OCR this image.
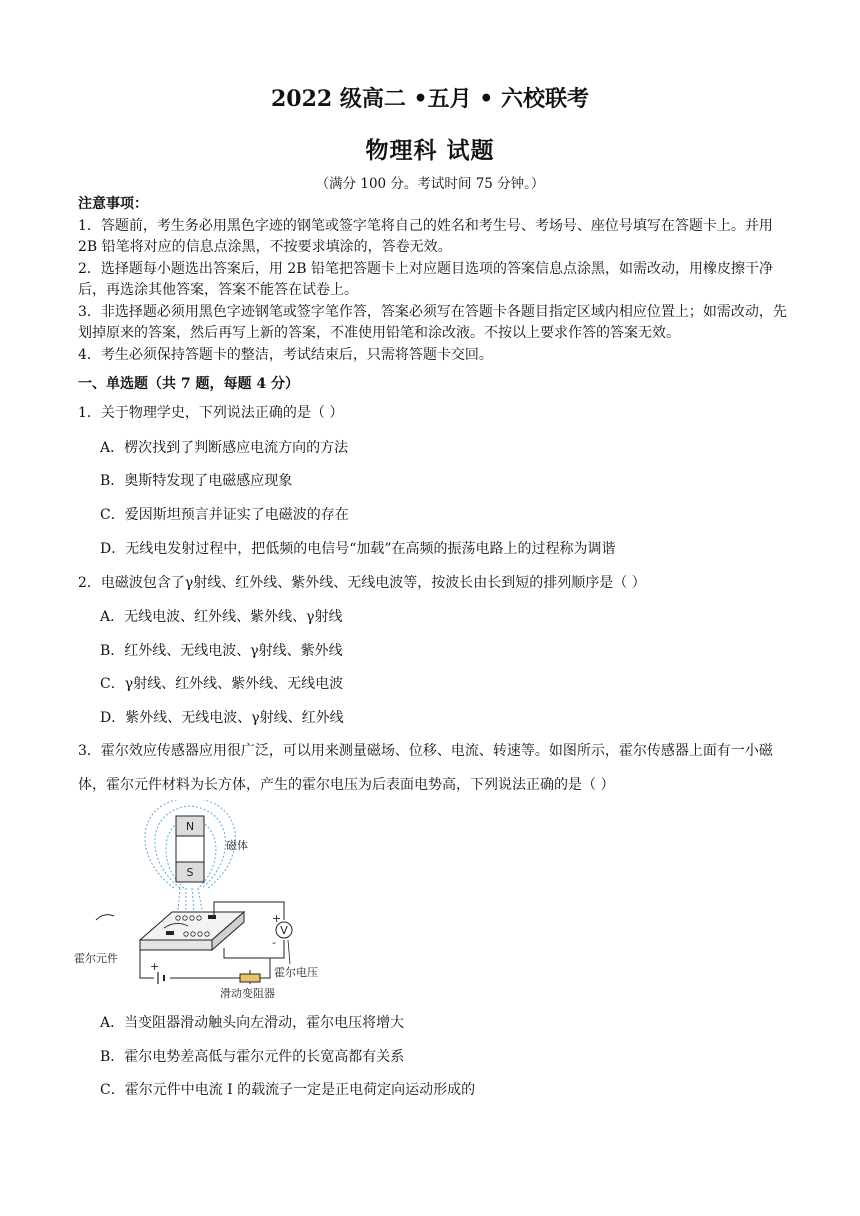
2022 级高二 •五月 • 六校联考
物理科 试题
（满分 100 分。考试时间 75 分钟。）
注意事项：
1．答题前，考生务必用黑色字迹的钢笔或签字笔将自己的姓名和考生号、考场号、座位号填写在答题卡上。并用 2B 铅笔将对应的信息点涂黑，不按要求填涂的，答卷无效。
2．选择题每小题选出答案后，用 2B 铅笔把答题卡上对应题目选项的答案信息点涂黑，如需改动，用橡皮擦干净后，再选涂其他答案，答案不能答在试卷上。
3．非选择题必须用黑色字迹钢笔或签字笔作答，答案必须写在答题卡各题目指定区域内相应位置上；如需改动，先划掉原来的答案，然后再写上新的答案，不准使用铅笔和涂改液。不按以上要求作答的答案无效。
4．考生必须保持答题卡的整洁，考试结束后，只需将答题卡交回。
一、单选题（共 7 题，每题 4 分）
1．关于物理学史，下列说法正确的是（ ）
A．楞次找到了判断感应电流方向的方法
B．奥斯特发现了电磁感应现象
C．爱因斯坦预言并证实了电磁波的存在
D．无线电发射过程中，把低频的电信号“加载”在高频的振荡电路上的过程称为调谐
2．电磁波包含了γ射线、红外线、紫外线、无线电波等，按波长由长到短的排列顺序是（ ）
A．无线电波、红外线、紫外线、γ射线
B．红外线、无线电波、γ射线、紫外线
C．γ射线、红外线、紫外线、无线电波
D．紫外线、无线电波、γ射线、红外线
3．霍尔效应传感器应用很广泛，可以用来测量磁场、位移、电流、转速等。如图所示，霍尔传感器上面有一小磁体，霍尔元件材料为长方体，产生的霍尔电压为后表面电势高，下列说法正确的是（ ）
N
S
磁体
+
滑动变阻器
V
+
-
霍尔元件
霍尔电压
A．当变阻器滑动触头向左滑动，霍尔电压将增大
B．霍尔电势差高低与霍尔元件的长宽高都有关系
C．霍尔元件中电流 I 的载流子一定是正电荷定向运动形成的
